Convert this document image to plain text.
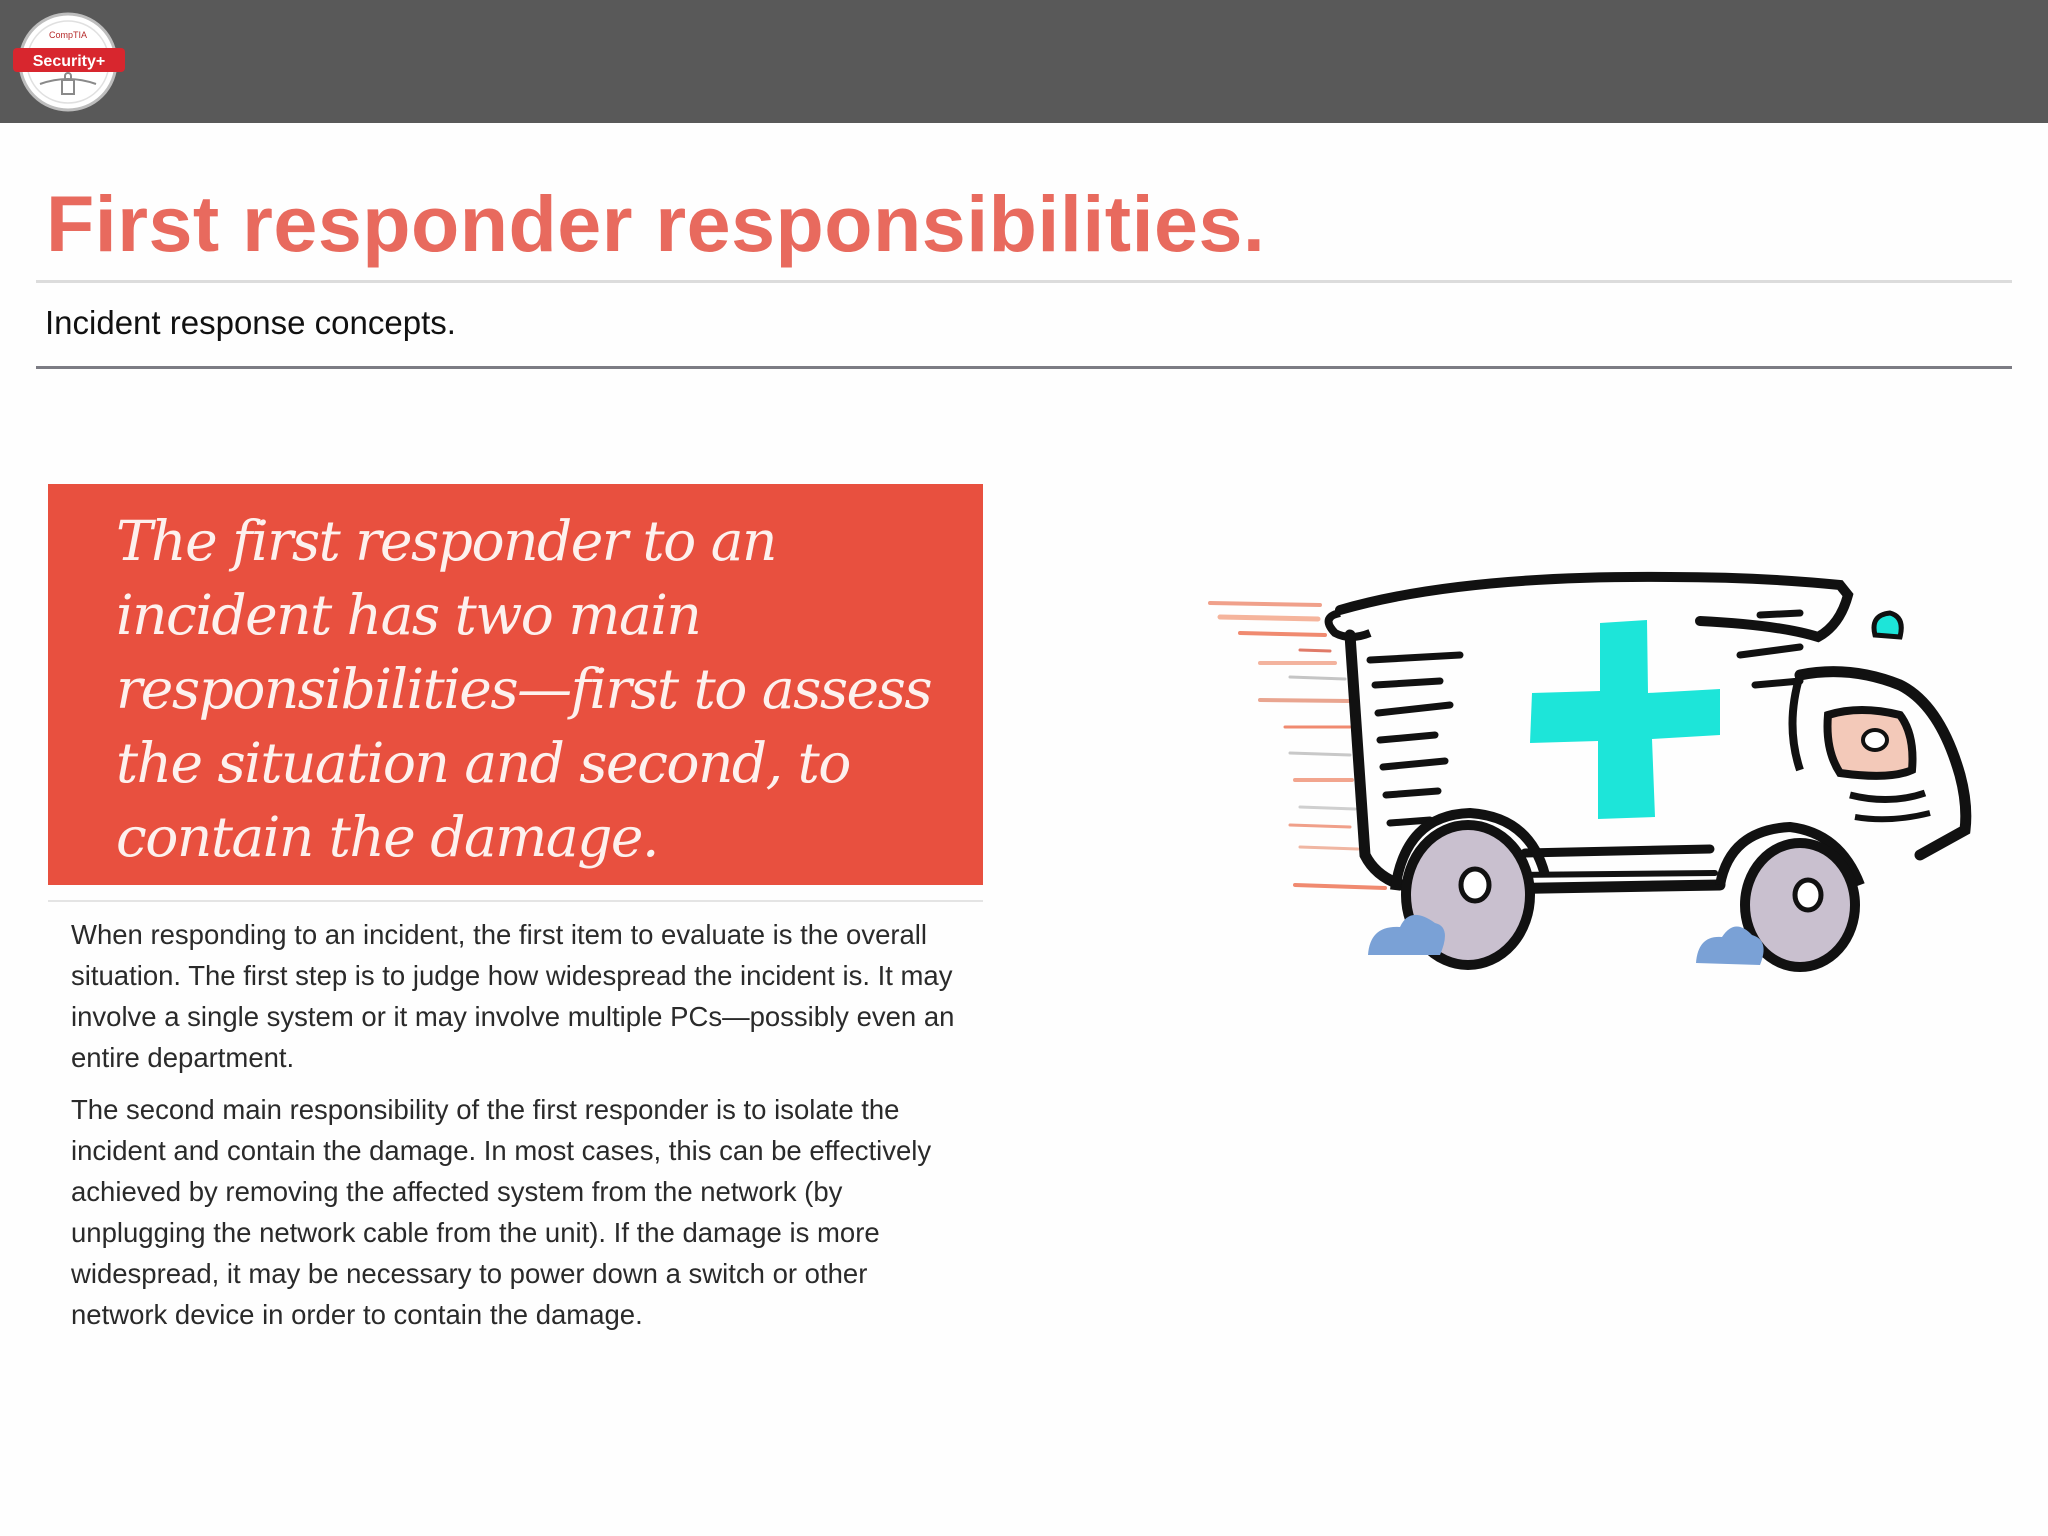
CompTIA
Security+
First responder responsibilities.

Incident response concepts.

The first responder to an incident has two main responsibilities—first to assess the situation and second, to contain the damage.

When responding to an incident, the first item to evaluate is the overall situation. The first step is to judge how widespread the incident is. It may involve a single system or it may involve multiple PCs—possibly even an entire department.

The second main responsibility of the first responder is to isolate the incident and contain the damage. In most cases, this can be effectively achieved by removing the affected system from the network (by unplugging the network cable from the unit). If the damage is more widespread, it may be necessary to power down a switch or other network device in order to contain the damage.
